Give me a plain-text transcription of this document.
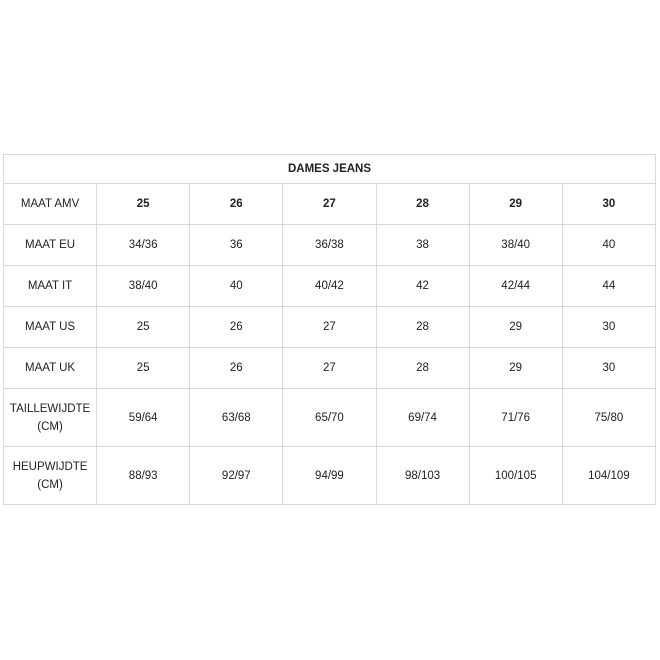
DAMES JEANS						
MAAT AMV	25	26	27	28	29	30
MAAT EU	34/36	36	36/38	38	38/40	40
MAAT IT	38/40	40	40/42	42	42/44	44
MAAT US	25	26	27	28	29	30
MAAT UK	25	26	27	28	29	30
TAILLEWIJDTE (CM)	59/64	63/68	65/70	69/74	71/76	75/80
HEUPWIJDTE (CM)	88/93	92/97	94/99	98/103	100/105	104/109
